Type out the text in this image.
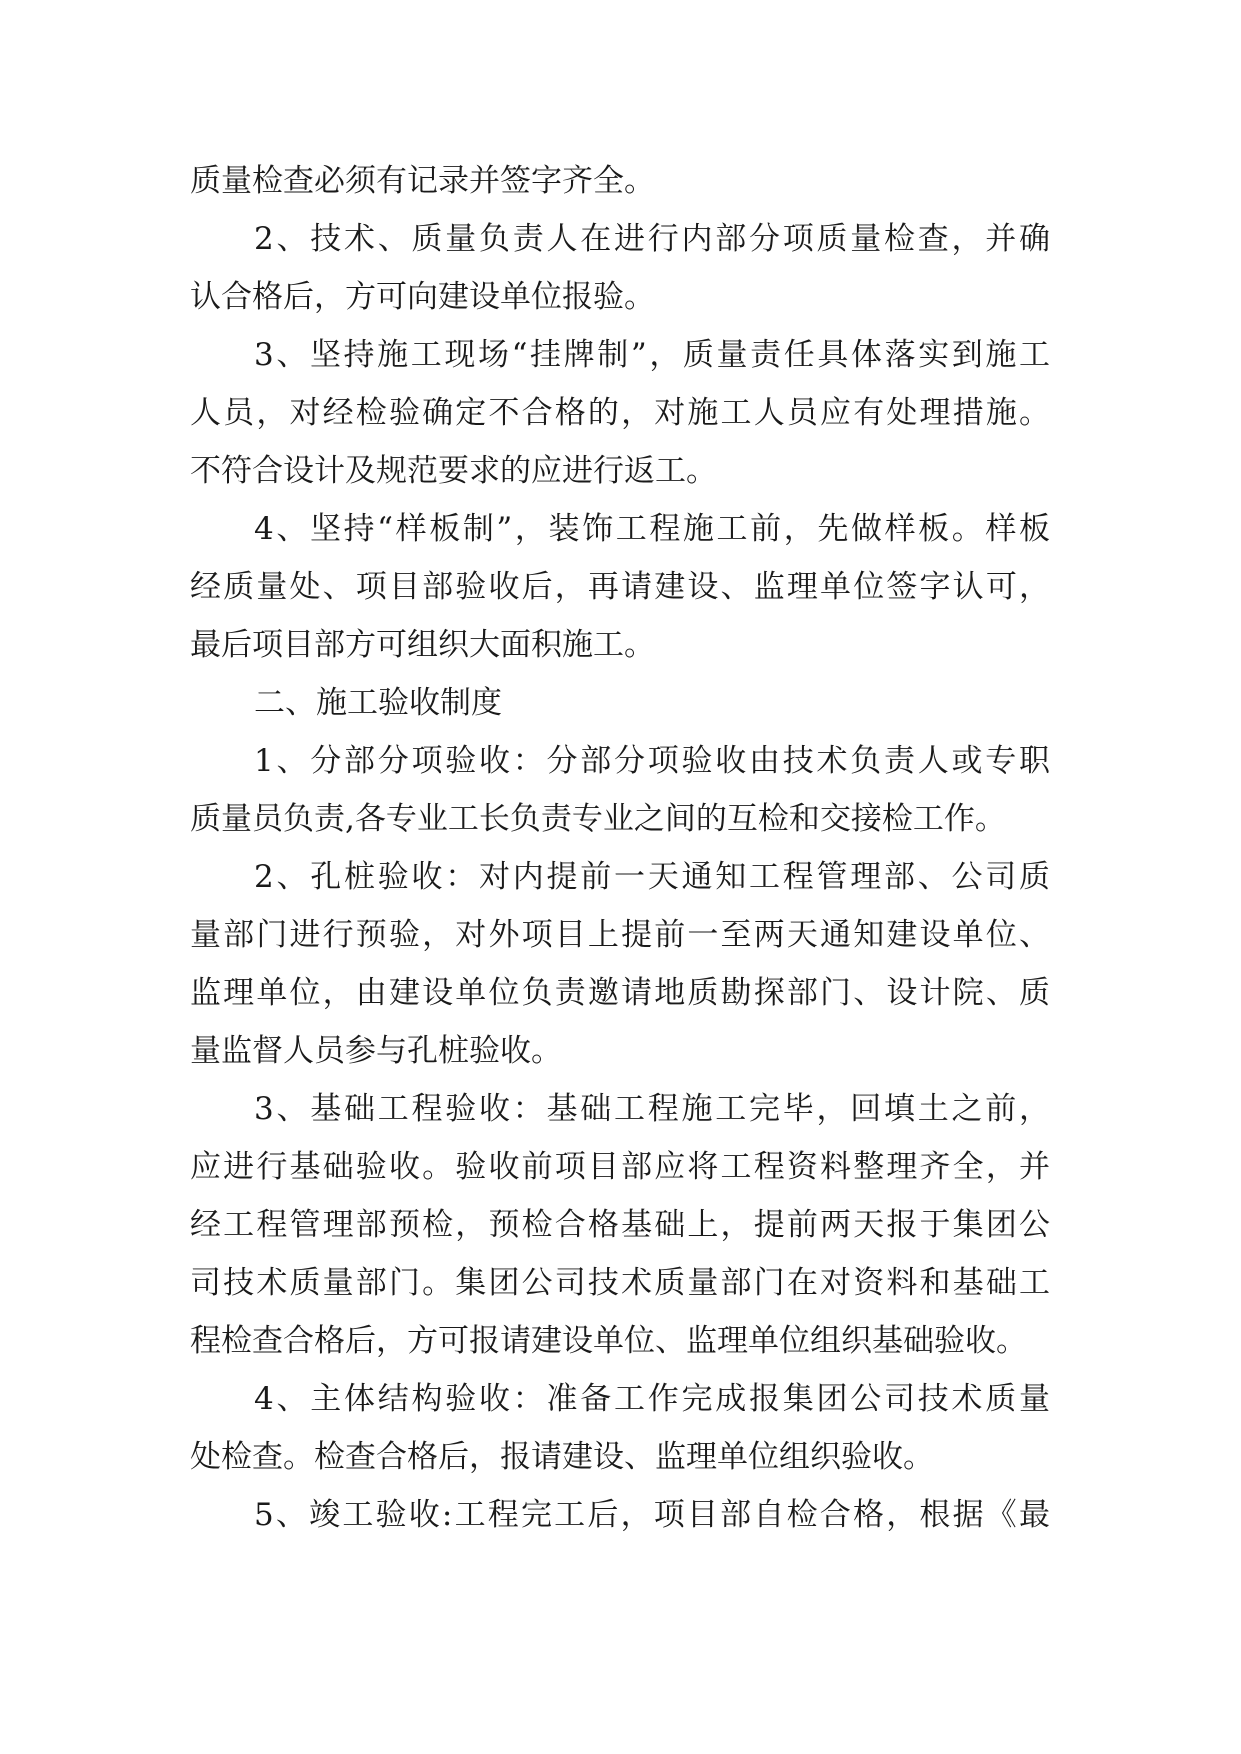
质量检查必须有记录并签字齐全。
2、技术、质量负责人在进行内部分项质量检查，并确
认合格后，方可向建设单位报验。
3、坚持施工现场“挂牌制”，质量责任具体落实到施工
人员，对经检验确定不合格的，对施工人员应有处理措施。
不符合设计及规范要求的应进行返工。
4、坚持“样板制”，装饰工程施工前，先做样板。样板
经质量处、项目部验收后，再请建设、监理单位签字认可，
最后项目部方可组织大面积施工。
二、施工验收制度
1、分部分项验收：分部分项验收由技术负责人或专职
质量员负责,各专业工长负责专业之间的互检和交接检工作。
2、孔桩验收：对内提前一天通知工程管理部、公司质
量部门进行预验，对外项目上提前一至两天通知建设单位、
监理单位，由建设单位负责邀请地质勘探部门、设计院、质
量监督人员参与孔桩验收。
3、基础工程验收：基础工程施工完毕，回填土之前，
应进行基础验收。验收前项目部应将工程资料整理齐全，并
经工程管理部预检，预检合格基础上，提前两天报于集团公
司技术质量部门。集团公司技术质量部门在对资料和基础工
程检查合格后，方可报请建设单位、监理单位组织基础验收。
4、主体结构验收：准备工作完成报集团公司技术质量
处检查。检查合格后，报请建设、监理单位组织验收。
5、竣工验收:工程完工后，项目部自检合格，根据《最
